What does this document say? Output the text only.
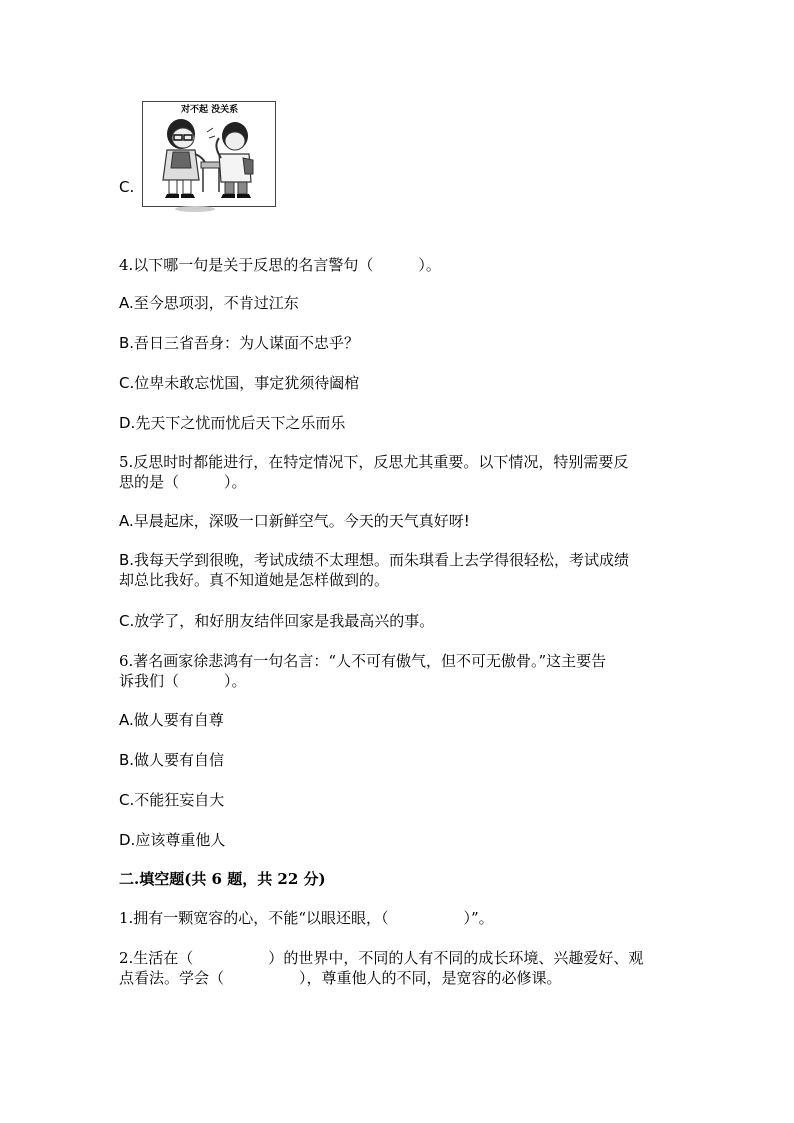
C.
对不起 没关系
4.以下哪一句是关于反思的名言警句（　　　）。
A.至今思项羽，不肯过江东
B.吾日三省吾身：为人谋面不忠乎？
C.位卑未敢忘忧国，事定犹须待阖棺
D.先天下之忧而忧后天下之乐而乐
5.反思时时都能进行，在特定情况下，反思尤其重要。以下情况，特别需要反
思的是（　　　）。
A.早晨起床，深吸一口新鲜空气。今天的天气真好呀!
B.我每天学到很晚，考试成绩不太理想。而朱琪看上去学得很轻松，考试成绩
却总比我好。真不知道她是怎样做到的。
C.放学了，和好朋友结伴回家是我最高兴的事。
6.著名画家徐悲鸿有一句名言：“人不可有傲气，但不可无傲骨。”这主要告
诉我们（　　　）。
A.做人要有自尊
B.做人要有自信
C.不能狂妄自大
D.应该尊重他人
二.填空题(共 6 题，共 22 分)
1.拥有一颗宽容的心，不能“以眼还眼，（　　　　　）”。
2.生活在（　　　　　）的世界中，不同的人有不同的成长环境、兴趣爱好、观
点看法。学会（　　　　　），尊重他人的不同，是宽容的必修课。
